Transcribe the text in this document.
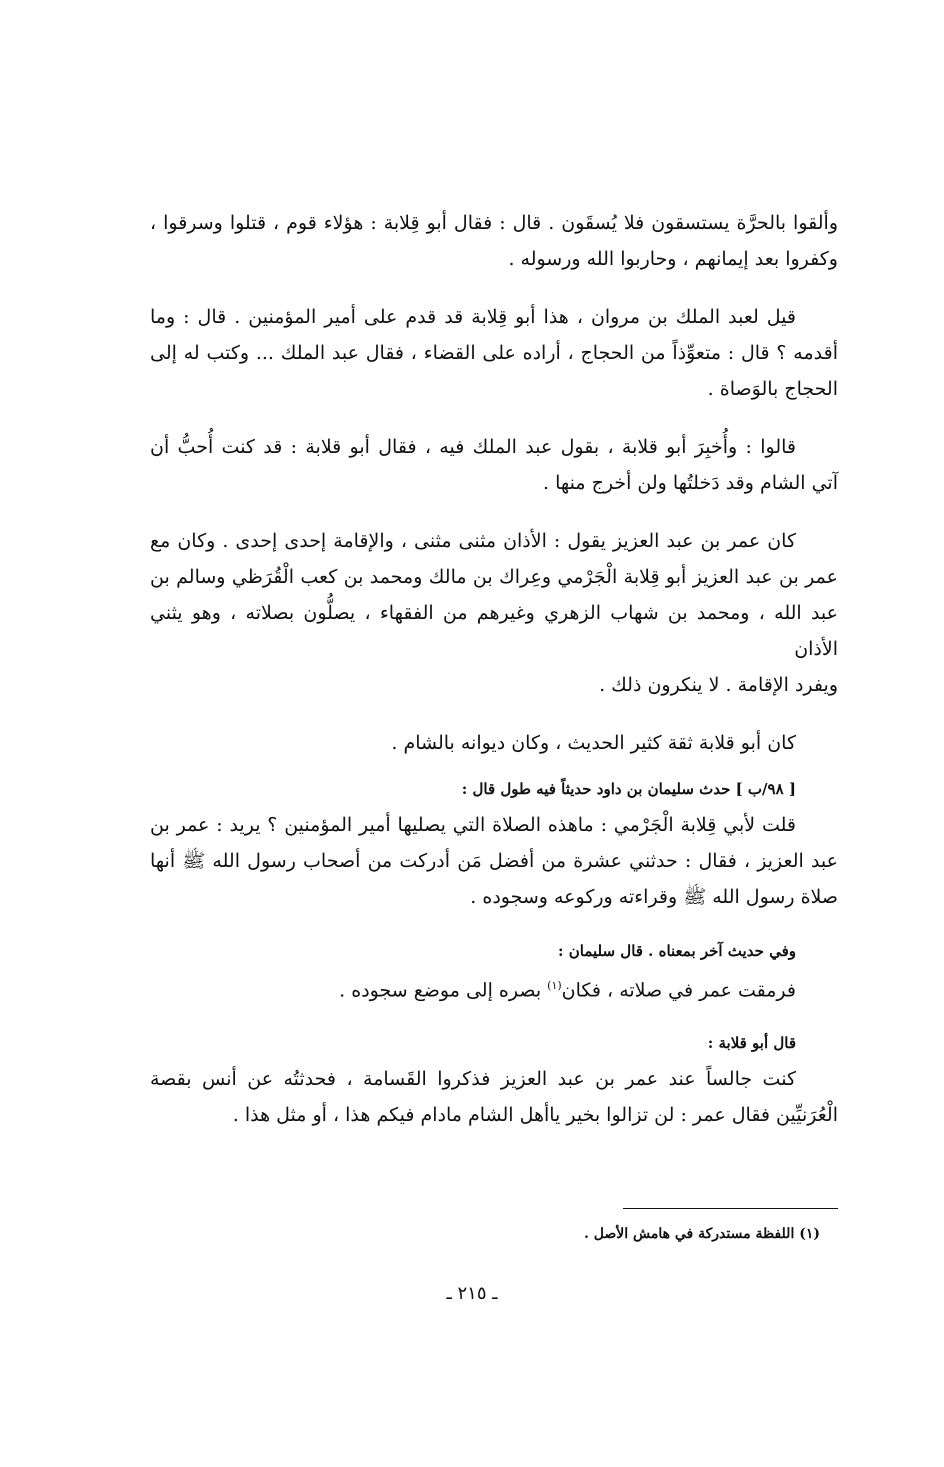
وألقوا بالحرَّة يستسقون فلا يُسقَون . قال : فقال أبو قِلابة : هؤلاء قوم ، قتلوا وسرقوا ،
وكفروا بعد إيمانهم ، وحاربوا الله ورسوله .
قيل لعبد الملك بن مروان ، هذا أبو قِلابة قد قدم على أمير المؤمنين . قال : وما
أقدمه ؟ قال : متعوِّذاً من الحجاج ، أراده على القضاء ، فقال عبد الملك ... وكتب له إلى
الحجاج بالوَصاة .
قالوا : وأُخبِرَ أبو قلابة ، بقول عبد الملك فيه ، فقال أبو قلابة : قد كنت أُحبُّ أن
آتي الشام وقد دَخلتُها ولن أخرج منها .
كان عمر بن عبد العزيز يقول : الأذان مثنى مثنى ، والإقامة إحدى إحدى . وكان مع
عمر بن عبد العزيز أبو قِلابة الْجَرْمي وعِراك بن مالك ومحمد بن كعب الْقُرَظي وسالم بن
عبد الله ، ومحمد بن شهاب الزهري وغيرهم من الفقهاء ، يصلُّون بصلاته ، وهو يثني الأذان
ويفرد الإقامة . لا ينكرون ذلك .
كان أبو قلابة ثقة كثير الحديث ، وكان ديوانه بالشام .
[ ٩٨/ب ] حدث سليمان بن داود حديثاً فيه طول قال :
قلت لأبي قِلابة الْجَرْمي : ماهذه الصلاة التي يصليها أمير المؤمنين ؟ يريد : عمر بن
عبد العزيز ، فقال : حدثني عشرة من أفضل مَن أدركت من أصحاب رسول الله ﷺ أنها
صلاة رسول الله ﷺ وقراءته وركوعه وسجوده .
وفي حديث آخر بمعناه . قال سليمان :
فرمقت عمر في صلاته ، فكان$^{(١)}$ بصره إلى موضع سجوده .
قال أبو قلابة :
كنت جالساً عند عمر بن عبد العزيز فذكروا القَسامة ، فحدثتُه عن أنس بقصة
الْعُرَنيِّين فقال عمر : لن تزالوا بخير ياأهل الشام مادام فيكم هذا ، أو مثل هذا .
(١) اللفظة مستدركة في هامش الأصل .
ـ ٢١٥ ـ
